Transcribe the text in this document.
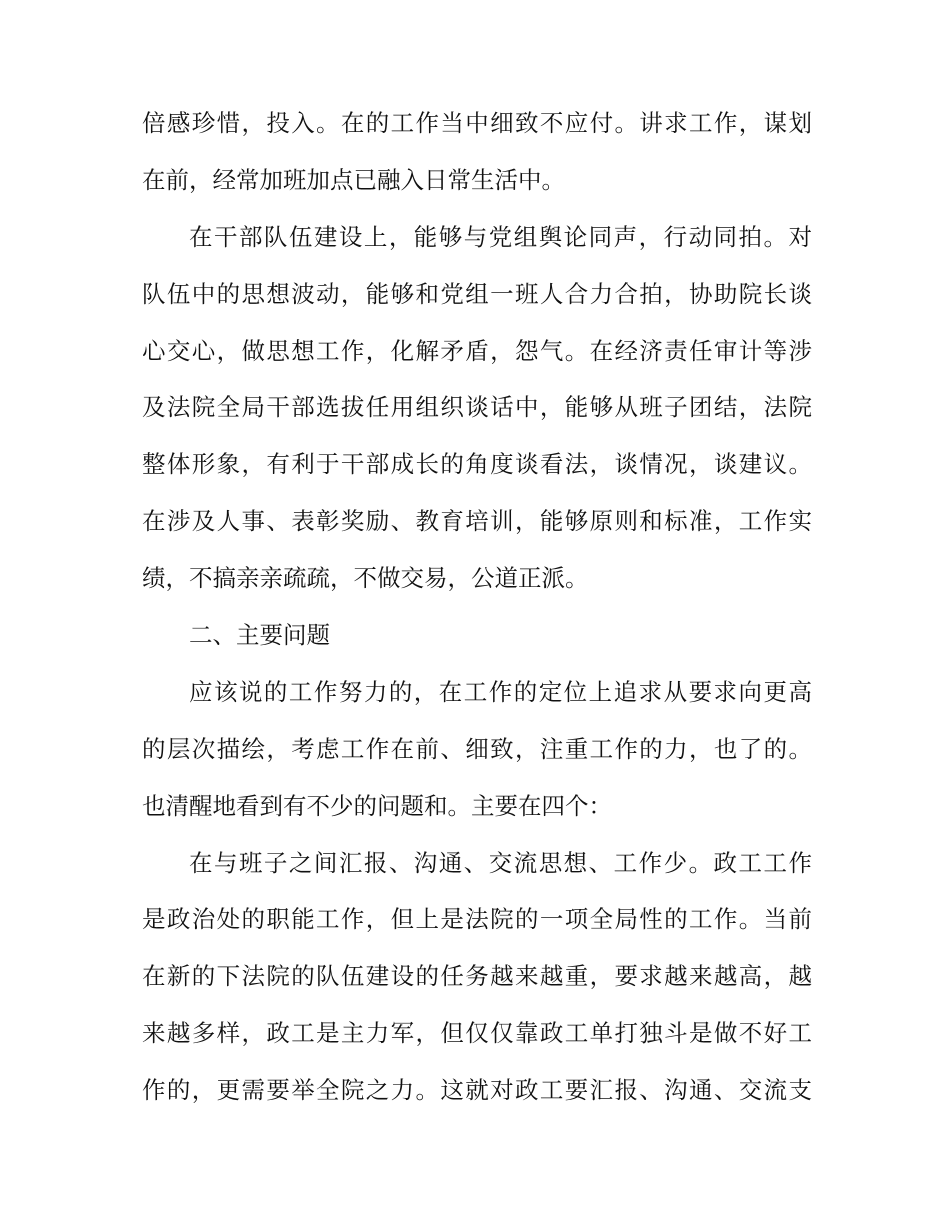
倍感珍惜，投入。在的工作当中细致不应付。讲求工作，谋划
在前，经常加班加点已融入日常生活中。
在干部队伍建设上，能够与党组舆论同声，行动同拍。对
队伍中的思想波动，能够和党组一班人合力合拍，协助院长谈
心交心，做思想工作，化解矛盾，怨气。在经济责任审计等涉
及法院全局干部选拔任用组织谈话中，能够从班子团结，法院
整体形象，有利于干部成长的角度谈看法，谈情况，谈建议。
在涉及人事、表彰奖励、教育培训，能够原则和标准，工作实
绩，不搞亲亲疏疏，不做交易，公道正派。
二、主要问题
应该说的工作努力的，在工作的定位上追求从要求向更高
的层次描绘，考虑工作在前、细致，注重工作的力，也了的。
也清醒地看到有不少的问题和。主要在四个：
在与班子之间汇报、沟通、交流思想、工作少。政工工作
是政治处的职能工作，但上是法院的一项全局性的工作。当前
在新的下法院的队伍建设的任务越来越重，要求越来越高，越
来越多样，政工是主力军，但仅仅靠政工单打独斗是做不好工
作的，更需要举全院之力。这就对政工要汇报、沟通、交流支
